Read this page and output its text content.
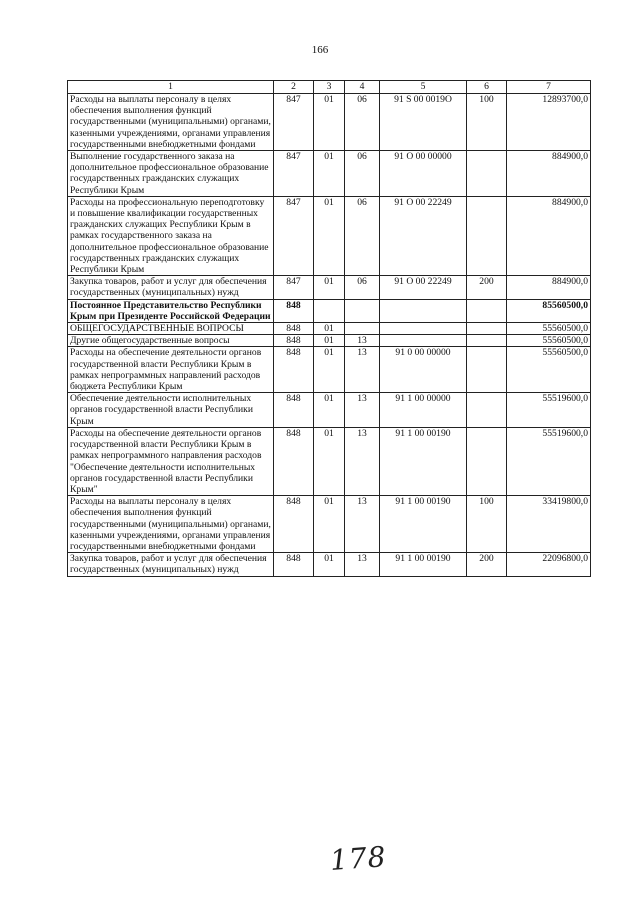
166
1	2	3	4	5	6	7
Расходы на выплаты персоналу в целях обеспечения выполнения функций государственными (муниципальными) органами, казенными учреждениями, органами управления государственными внебюджетными фондами	847	01	06	91 S 00 0019O	100	12893700,0
Выполнение государственного заказа на дополнительное профессиональное образование государственных гражданских служащих Республики Крым	847	01	06	91 O 00 00000		884900,0
Расходы на профессиональную переподготовку и повышение квалификации государственных гражданских служащих Республики Крым в рамках государственного заказа на дополнительное профессиональное образование государственных гражданских служащих Республики Крым	847	01	06	91 O 00 22249		884900,0
Закупка товаров, работ и услуг для обеспечения государственных (муниципальных) нужд	847	01	06	91 O 00 22249	200	884900,0
Постоянное Представительство Республики Крым при Президенте Российской Федерации	848					85560500,0
ОБЩЕГОСУДАРСТВЕННЫЕ ВОПРОСЫ	848	01				55560500,0
Другие общегосударственные вопросы	848	01	13			55560500,0
Расходы на обеспечение деятельности органов государственной власти Республики Крым в рамках непрограммных направлений расходов бюджета Республики Крым	848	01	13	91 0 00 00000		55560500,0
Обеспечение деятельности исполнительных органов государственной власти Республики Крым	848	01	13	91 1 00 00000		55519600,0
Расходы на обеспечение деятельности органов государственной власти Республики Крым в рамках непрограммного направления расходов "Обеспечение деятельности исполнительных органов государственной власти Республики Крым"	848	01	13	91 1 00 00190		55519600,0
Расходы на выплаты персоналу в целях обеспечения выполнения функций государственными (муниципальными) органами, казенными учреждениями, органами управления государственными внебюджетными фондами	848	01	13	91 1 00 00190	100	33419800,0
Закупка товаров, работ и услуг для обеспечения государственных (муниципальных) нужд	848	01	13	91 1 00 00190	200	22096800,0
178
